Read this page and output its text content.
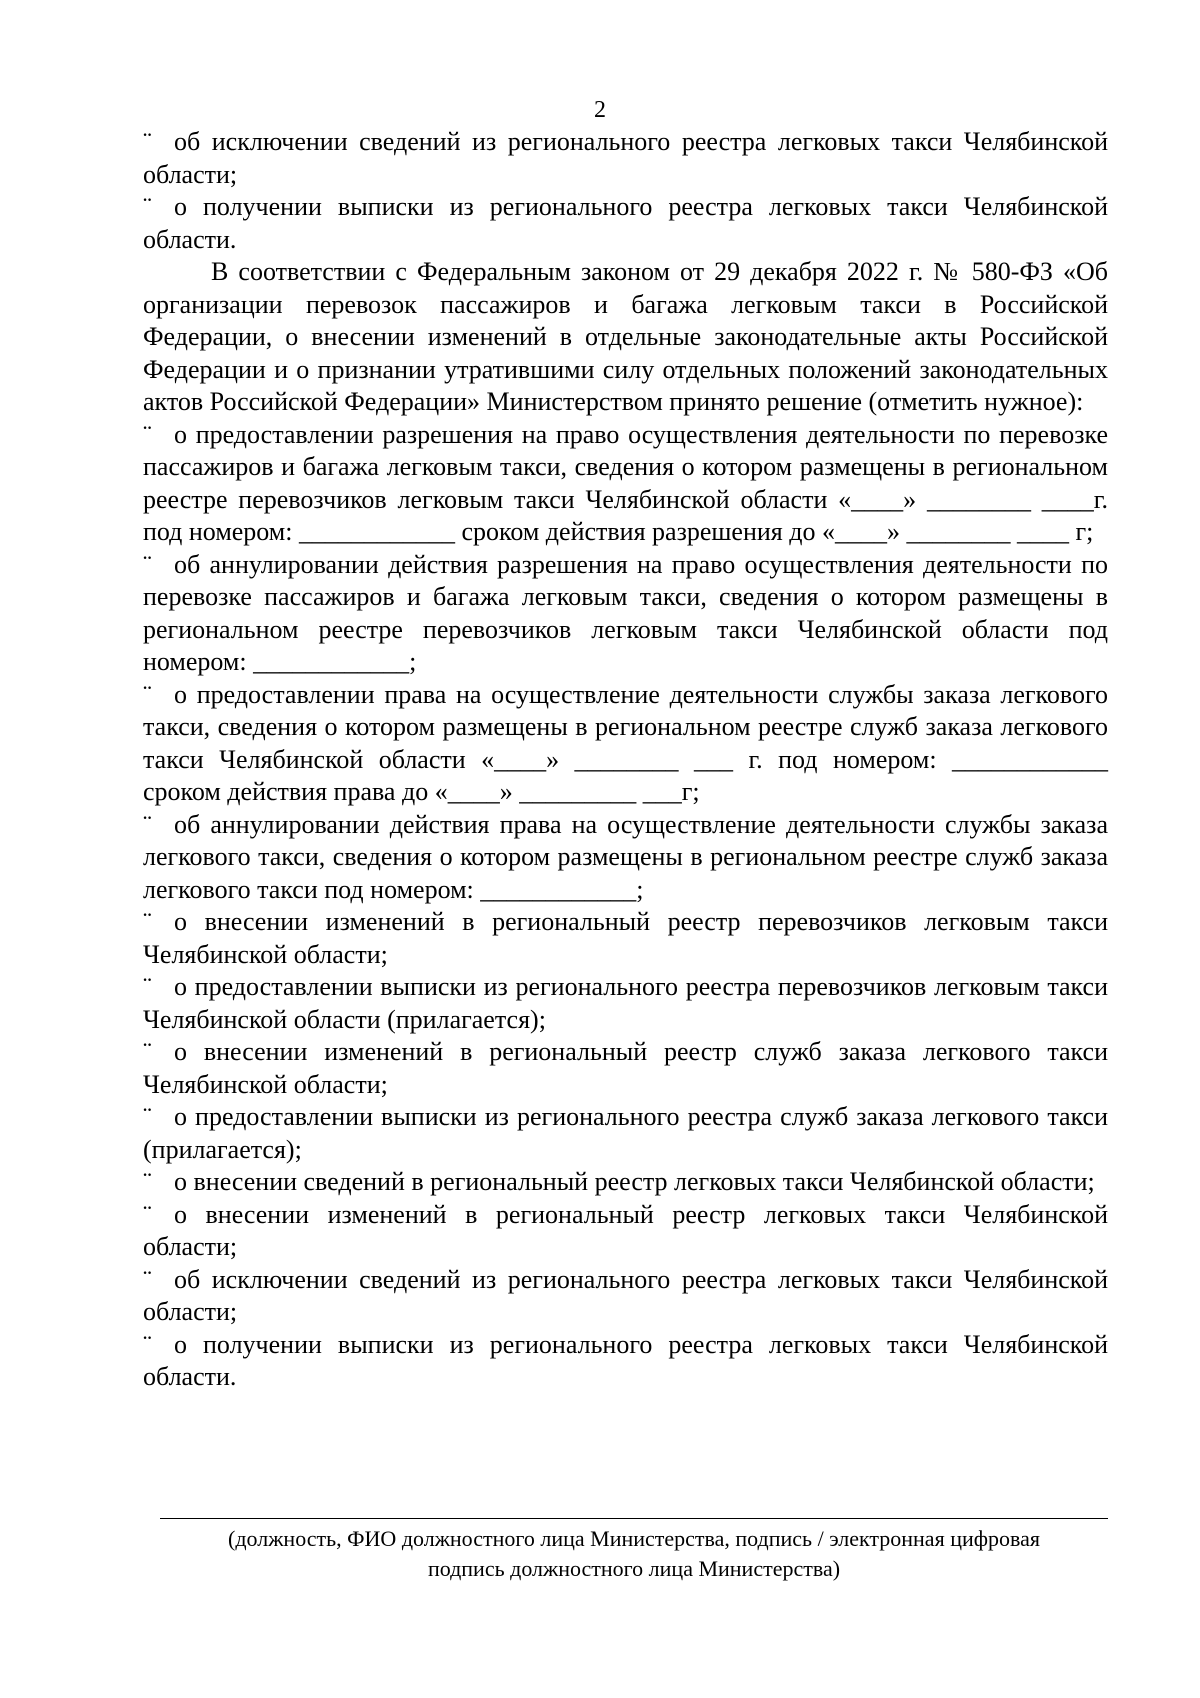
2

¨ об исключении сведений из регионального реестра легковых такси Челябинской области;

¨ о получении выписки из регионального реестра легковых такси Челябинской области.

В соответствии с Федеральным законом от 29 декабря 2022 г. № 580-ФЗ «Об организации перевозок пассажиров и багажа легковым такси в Российской Федерации, о внесении изменений в отдельные законодательные акты Российской Федерации и о признании утратившими силу отдельных положений законодательных актов Российской Федерации» Министерством принято решение (отметить нужное):

¨ о предоставлении разрешения на право осуществления деятельности по перевозке пассажиров и багажа легковым такси, сведения о котором размещены в региональном реестре перевозчиков легковым такси Челябинской области «____» ________ ____г. под номером: ____________ сроком действия разрешения до «____» ________ ____ г;

¨ об аннулировании действия разрешения на право осуществления деятельности по перевозке пассажиров и багажа легковым такси, сведения о котором размещены в региональном реестре перевозчиков легковым такси Челябинской области под номером: ____________;

¨ о предоставлении права на осуществление деятельности службы заказа легкового такси, сведения о котором размещены в региональном реестре служб заказа легкового такси Челябинской области «____» ________ ___ г. под номером: ____________ сроком действия права до «____» _________ ___г;

¨ об аннулировании действия права на осуществление деятельности службы заказа легкового такси, сведения о котором размещены в региональном реестре служб заказа легкового такси под номером: ____________;

¨ о внесении изменений в региональный реестр перевозчиков легковым такси Челябинской области;

¨ о предоставлении выписки из регионального реестра перевозчиков легковым такси Челябинской области (прилагается);

¨ о внесении изменений в региональный реестр служб заказа легкового такси Челябинской области;

¨ о предоставлении выписки из регионального реестра служб заказа легкового такси (прилагается);

¨ о внесении сведений в региональный реестр легковых такси Челябинской области;

¨ о внесении изменений в региональный реестр легковых такси Челябинской области;

¨ об исключении сведений из регионального реестра легковых такси Челябинской области;

¨ о получении выписки из регионального реестра легковых такси Челябинской области.

(должность, ФИО должностного лица Министерства, подпись / электронная цифровая
подпись должностного лица Министерства)
